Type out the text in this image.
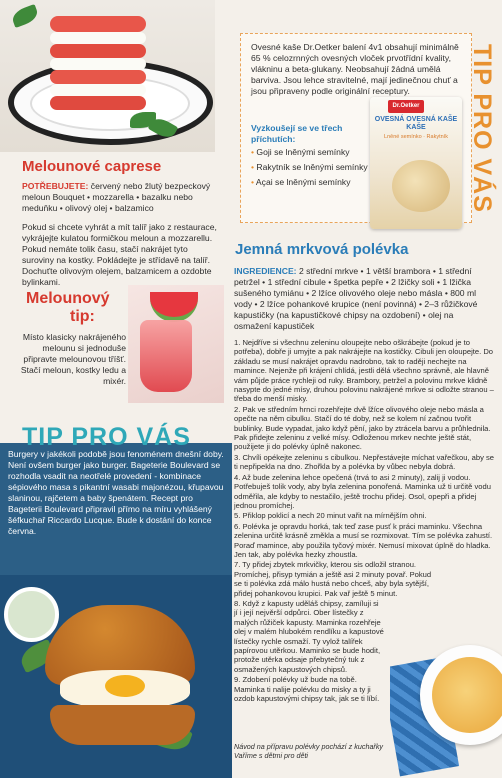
Melounové caprese
POTŘEBUJETE: červený nebo žlutý bezpeckový meloun Bouquet • mozzarella • bazalku nebo meduňku • olivový olej • balzamico
Pokud si chcete vyhrát a mít talíř jako z restaurace, vykrájejte kulatou formičkou meloun a mozzarellu. Pokud nemáte tolik času, stačí nakrájet tyto suroviny na kostky. Pokládejte je střídavě na talíř. Dochuťte olivovým olejem, balzamicem a ozdobte bylinkami.
Melounový
tip:
Místo klasicky nakrájeného melounu si jednoduše připravte melounovou tříšť. Stačí meloun, kostky ledu a mixér.
Burgery v jakékoli podobě jsou fenoménem dnešní doby. Není ovšem burger jako burger. Bageterie Boulevard se rozhodla vsadit na neotřelé provedení - kombinace sépiového masa s pikantní wasabi majonézou, křupavou slaninou, rajčetem a baby špenátem. Recept pro Bageterii Boulevard připravil přímo na míru vyhlášený šéfkuchař Riccardo Lucque. Bude k dostání do konce června.
TIP PRO VÁS
Ovesné kaše Dr.Oetker balení 4v1 obsahují minimálně 65 % celozrnných ovesných vloček prvotřídní kvality, vlákninu a beta-glukany. Neobsahují žádná umělá barviva. Jsou lehce stravitelné, mají jedinečnou chuť a jsou připraveny podle originální receptury.
Vyzkoušejí se ve třech příchutích:
• Goji se lněnými semínky
• Rakytník se lněnými semínky
• Açai se lněnými semínky
Dr.Oetker
OVESNÁ OVESNÁ KAŠE KAŠE
Lněné semínko · Rakytník TIP PRO VÁS
Jemná mrkvová polévka
INGREDIENCE: 2 střední mrkve • 1 větší brambora • 1 střední petržel • 1 střední cibule • špetka pepře • 2 lžičky soli • 1 lžička sušeného tymiánu • 2 lžíce olivového oleje nebo másla • 800 ml vody • 2 lžíce pohankové krupice (není povinná) • 2–3 růžičkové kapustičky (na kapustičkové chipsy na ozdobení) • olej na osmažení kapustiček
1. Nejdříve si všechnu zeleninu oloupejte nebo oškrábejte (pokud je to potřeba), dobře ji umyjte a pak nakrájejte na kostičky. Cibuli jen oloupejte. Do základu se musí nakrájet opravdu nadrobno, tak to raději nechejte na mamince. Nejenže při krájení chlídá, jestli dělá všechno správně, ale hlavně vám půjde práce rychleji od ruky. Brambory, petržel a polovinu mrkve klidně nasypte do jedné mísy, druhou polovinu nakrájené mrkve si odložte stranou – třeba do menší misky.
2. Pak ve středním hrnci rozehřejte dvě lžíce olivového oleje nebo másla a opečte na něm cibulku. Stačí do té doby, než se kolem ní začnou tvořit bublinky. Bude vypadat, jako když pění, jako by ztrácela barvu a průhlednila. Pak přidejte zeleninu z velké mísy. Odloženou mrkev nechte ještě stát, použijete ji do polévky úplně nakonec.
3. Chvíli opékejte zeleninu s cibulkou. Nepřestávejte míchat vařečkou, aby se ti nepřipekla na dno. Zhořkla by a polévka by vůbec nebyla dobrá.
4. Až bude zelenina lehce opečená (trvá to asi 2 minuty), zalij ji vodou. Potřebuješ tolik vody, aby byla zelenina ponořená. Maminka už ti určitě vodu odměřila, ale kdyby to nestačilo, ještě trochu přidej. Osol, opepři a přidej jednou promíchej.
5. Přiklop poklicí a nech 20 minut vařit na mírnějším ohni.
6. Polévka je opravdu horká, tak teď zase pusť k práci maminku. Všechna zelenina určitě krásně změkla a musí se rozmixovat. Tím se polévka zahustí. Poraď mamince, aby použila tyčový mixér. Nemusí mixovat úplně do hladka. Jen tak, aby polévka hezky zhoustla.
7. Ty přidej zbytek mrkvičky, kterou sis odložil stranou. Promíchej, přisyp tymián a ještě asi 2 minuty povař. Pokud se ti polévka zdá málo hustá nebo chceš, aby byla sytější, přidej pohankovou krupici. Pak vař ještě 5 minut.
8. Když z kapusty uděláš chipsy, zamíluji si jí i její nejvěrší odpůrci. Ober lístečky z malých růžiček kapusty. Maminka rozehřeje olej v malém hlubokém rendlíku a kapustové lístečky rychle osmaží. Ty vylož talířek papírovou utěrkou. Maminko se bude hodit, protože utěrka odsaje přebytečný tuk z osmažených kapustových chipsů.
9. Zdobení polévky už bude na tobě. Maminka ti nalije polévku do misky a ty ji ozdob kapustovými chipsy tak, jak se ti líbí.
Návod na přípravu polévky pochází z kuchařky Vaříme s dětmi pro děti
